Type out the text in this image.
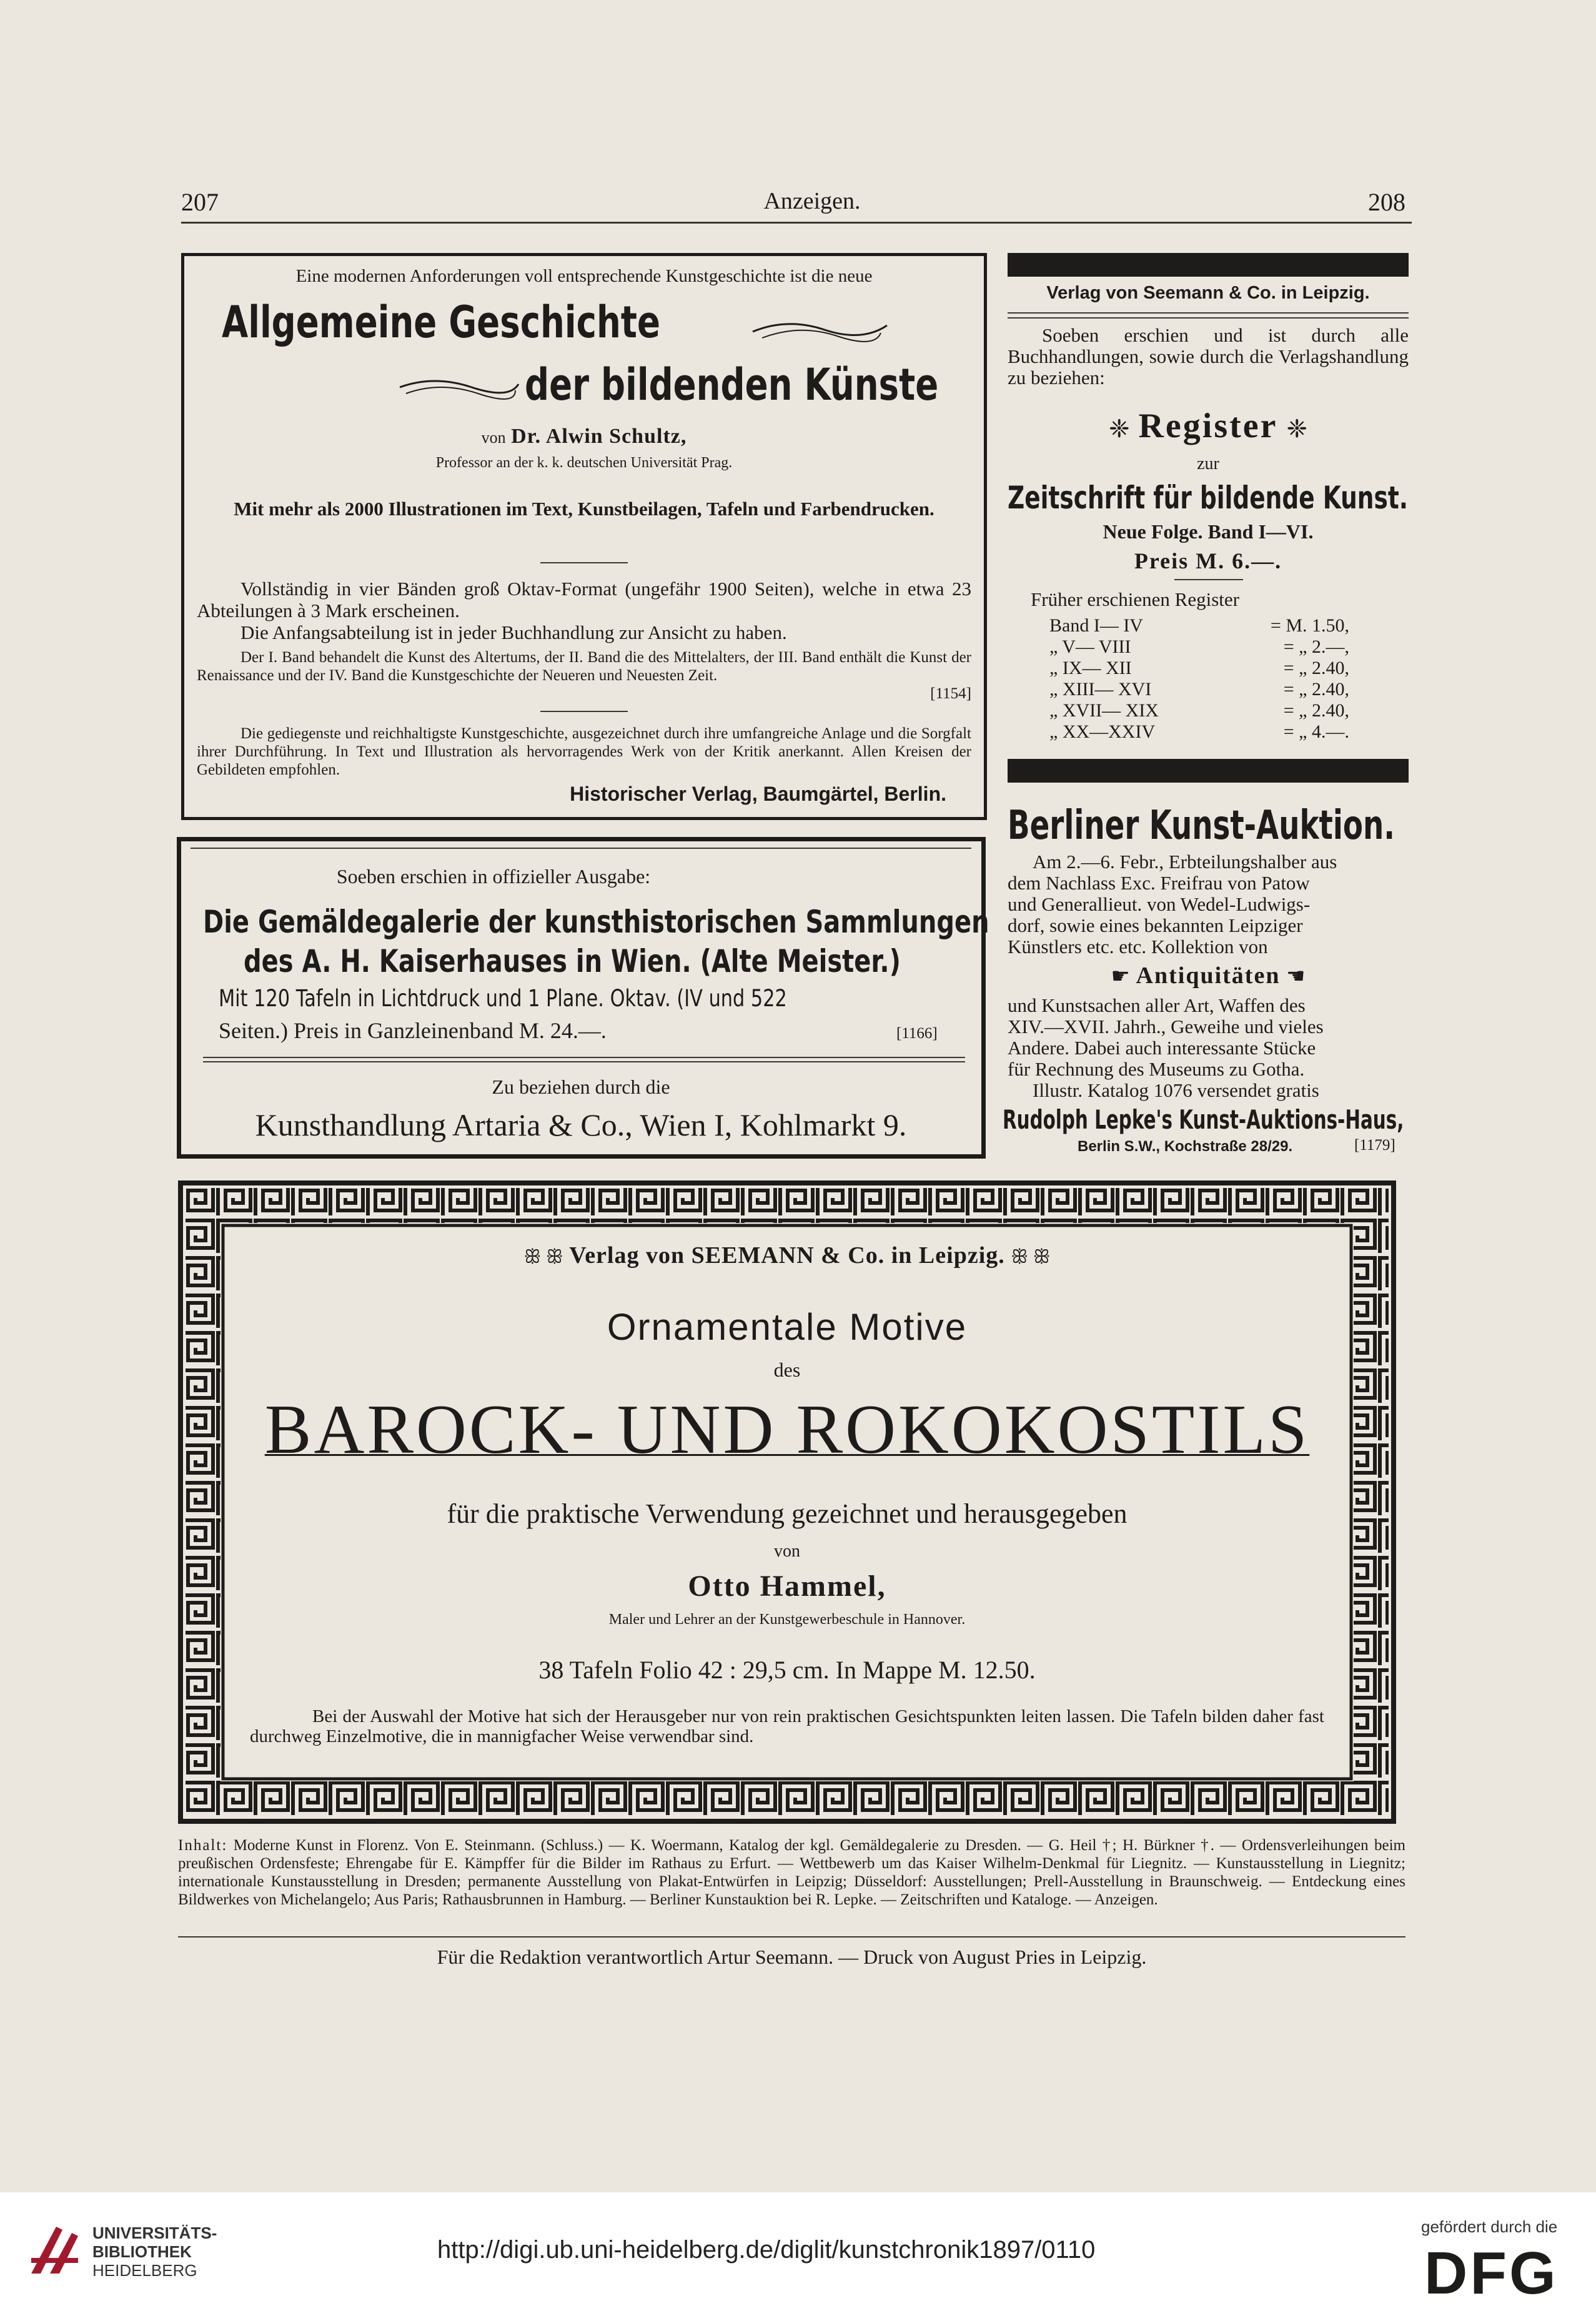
207	Anzeigen.	208
Eine modernen Anforderungen voll entsprechende Kunstgeschichte ist die neue
Allgemeine Geschichte
der bildenden Künste
von Dr. Alwin Schultz,
Professor an der k. k. deutschen Universität Prag.
Mit mehr als 2000 Illustrationen im Text, Kunstbeilagen, Tafeln und Farbendrucken.
Vollständig in vier Bänden groß Oktav-Format (ungefähr 1900 Seiten), welche in etwa 23 Abteilungen à 3 Mark erscheinen.
Die Anfangsabteilung ist in jeder Buchhandlung zur Ansicht zu haben.
Der I. Band behandelt die Kunst des Altertums, der II. Band die des Mittelalters, der III. Band enthält die Kunst der Renaissance und der IV. Band die Kunstgeschichte der Neueren und Neuesten Zeit.
[1154]
Die gediegenste und reichhaltigste Kunstgeschichte, ausgezeichnet durch ihre umfangreiche Anlage und die Sorgfalt ihrer Durchführung. In Text und Illustration als hervorragendes Werk von der Kritik anerkannt. Allen Kreisen der Gebildeten empfohlen.
Historischer Verlag, Baumgärtel, Berlin.
Soeben erschien in offizieller Ausgabe:
Die Gemäldegalerie der kunsthistorischen Sammlungen
des A. H. Kaiserhauses in Wien. (Alte Meister.)
Mit 120 Tafeln in Lichtdruck und 1 Plane. Oktav. (IV und 522
Seiten.) Preis in Ganzleinenband M. 24.—.	[1166]
Zu beziehen durch die
Kunsthandlung Artaria & Co., Wien I, Kohlmarkt 9.
Verlag von Seemann & Co. in Leipzig.
Soeben erschien und ist durch alle Buchhandlungen, sowie durch die Verlagshandlung zu beziehen:
❈ Register ❈
zur
Zeitschrift für bildende Kunst.
Neue Folge. Band I—VI.
Preis M. 6.—.
Früher erschienen Register
Band I— IV	= M. 1.50,
„ V— VIII	= „ 2.—,
„ IX— XII	= „ 2.40,
„ XIII— XVI	= „ 2.40,
„ XVII— XIX	= „ 2.40,
„ XX—XXIV	= „ 4.—.
Berliner Kunst-Auktion.
Am 2.—6. Febr., Erbteilungshalber aus
dem Nachlass Exc. Freifrau von Patow
und Generallieut. von Wedel-Ludwigs-
dorf, sowie eines bekannten Leipziger
Künstlers etc. etc. Kollektion von
☛ Antiquitäten ☚
und Kunstsachen aller Art, Waffen des
XIV.—XVII. Jahrh., Geweihe und vieles
Andere. Dabei auch interessante Stücke
für Rechnung des Museums zu Gotha.
Illustr. Katalog 1076 versendet gratis
Rudolph Lepke's Kunst-Auktions-Haus,
Berlin S.W., Kochstraße 28/29.	[1179]
ꕥ ꕥ Verlag von SEEMANN & Co. in Leipzig. ꕥ ꕥ
Ornamentale Motive
des
BAROCK- UND ROKOKOSTILS
für die praktische Verwendung gezeichnet und herausgegeben
von
Otto Hammel,
Maler und Lehrer an der Kunstgewerbeschule in Hannover.
38 Tafeln Folio 42 : 29,5 cm. In Mappe M. 12.50.
Bei der Auswahl der Motive hat sich der Herausgeber nur von rein praktischen Gesichtspunkten leiten lassen. Die Tafeln bilden daher fast durchweg Einzelmotive, die in mannigfacher Weise verwendbar sind.
Inhalt: Moderne Kunst in Florenz. Von E. Steinmann. (Schluss.) — K. Woermann, Katalog der kgl. Gemäldegalerie zu Dresden. — G. Heil †; H. Bürkner †. — Ordensverleihungen beim preußischen Ordensfeste; Ehrengabe für E. Kämpffer für die Bilder im Rathaus zu Erfurt. — Wettbewerb um das Kaiser Wilhelm-Denkmal für Liegnitz. — Kunstausstellung in Liegnitz; internationale Kunstausstellung in Dresden; permanente Ausstellung von Plakat-Entwürfen in Leipzig; Düsseldorf: Ausstellungen; Prell-Ausstellung in Braunschweig. — Entdeckung eines Bildwerkes von Michelangelo; Aus Paris; Rathausbrunnen in Hamburg. — Berliner Kunstauktion bei R. Lepke. — Zeitschriften und Kataloge. — Anzeigen.
Für die Redaktion verantwortlich Artur Seemann. — Druck von August Pries in Leipzig.
UNIVERSITÄTS-
BIBLIOTHEK
HEIDELBERG
http://digi.ub.uni-heidelberg.de/diglit/kunstchronik1897/0110
gefördert durch die
DFG
